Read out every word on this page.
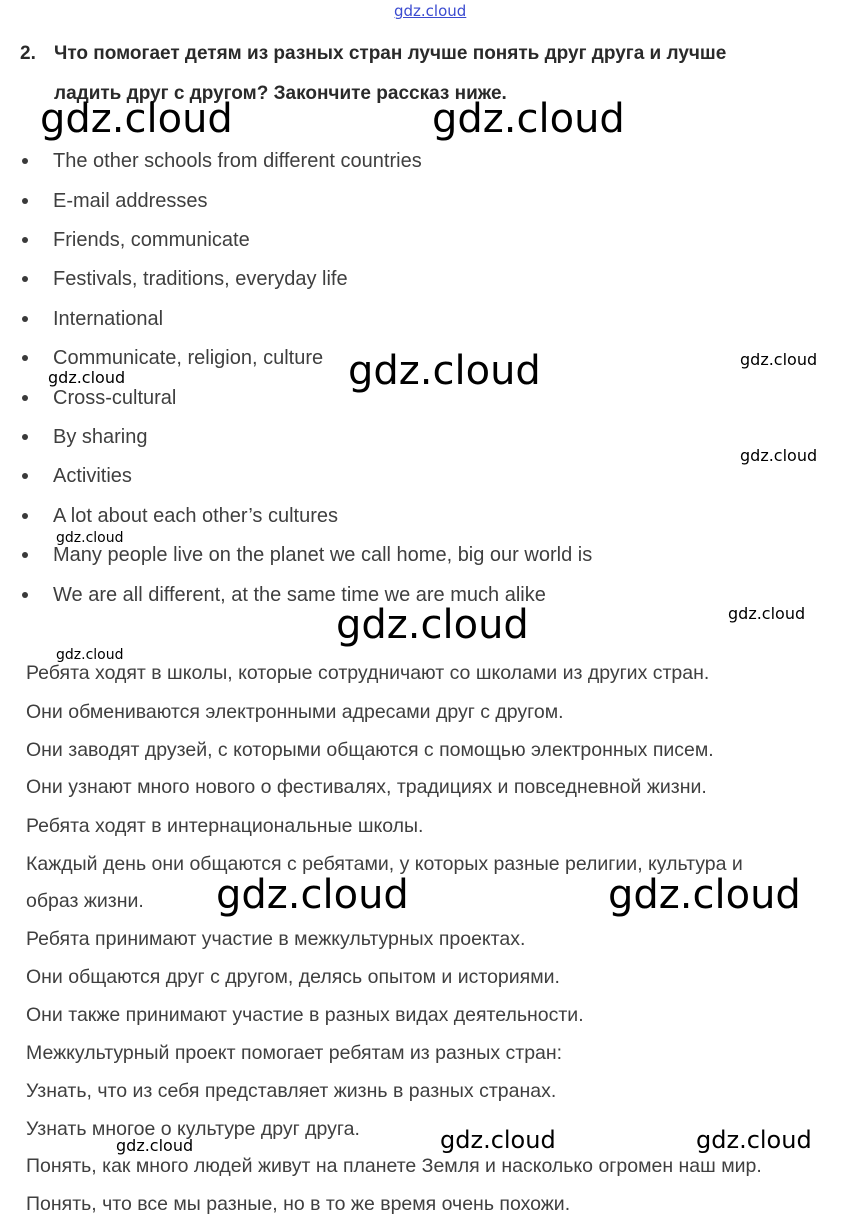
2. Что помогает детям из разных стран лучше понять друг друга и лучше
ладить друг с другом? Закончите рассказ ниже.
The other schools from different countries
E-mail addresses
Friends, communicate
Festivals, traditions, everyday life
International
Communicate, religion, culture
Cross-cultural
By sharing
Activities
A lot about each other’s cultures
Many people live on the planet we call home, big our world is
We are all different, at the same time we are much alike
Ребята ходят в школы, которые сотрудничают со школами из других стран.
Они обмениваются электронными адресами друг с другом.
Они заводят друзей, с которыми общаются с помощью электронных писем.
Они узнают много нового о фестивалях, традициях и повседневной жизни.
Ребята ходят в интернациональные школы.
Каждый день они общаются с ребятами, у которых разные религии, культура и
образ жизни.
Ребята принимают участие в межкультурных проектах.
Они общаются друг с другом, делясь опытом и историями.
Они также принимают участие в разных видах деятельности.
Межкультурный проект помогает ребятам из разных стран:
Узнать, что из себя представляет жизнь в разных странах.
Узнать многое о культуре друг друга.
Понять, как много людей живут на планете Земля и насколько огромен наш мир.
Понять, что все мы разные, но в то же время очень похожи.
gdz.cloud
gdz.cloud	gdz.cloud
gdz.cloud	gdz.cloud
gdz.cloud
gdz.cloud
gdz.cloud
gdz.cloud	gdz.cloud
gdz.cloud
gdz.cloud	gdz.cloud
gdz.cloud	gdz.cloud	gdz.cloud
